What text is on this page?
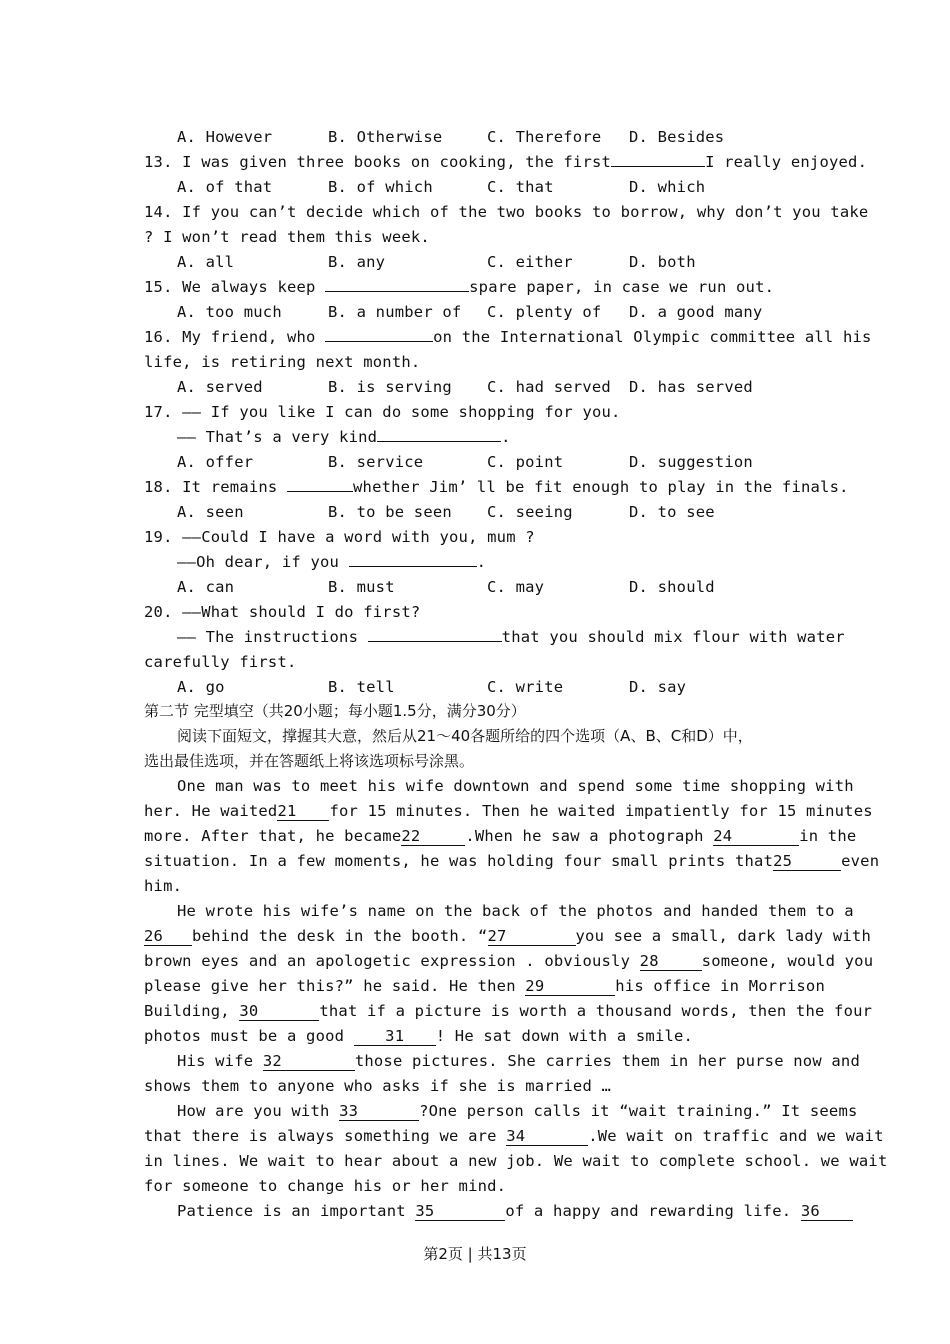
A. However	B. Otherwise	C. Therefore D. Besides
13. I was given three books on cooking, the first	I really enjoyed.
A. of that	B. of which	C. that	D. which
14. If you can’t decide which of the two books to borrow, why don’t you take
? I won’t read them this week.
A. all	B. any	C. either	D. both
15. We always keep	spare paper, in case we run out.
A. too much	B. a number of C. plenty of D. a good many
16. My friend, who	on the International Olympic committee all his
life, is retiring next month.
A. served	B. is serving C. had served D. has served
17. —— If you like I can do some shopping for you.
—— That’s a very kind	.
A. offer	B. service	C. point	D. suggestion
18. It remains	whether Jim’ ll be fit enough to play in the finals.
A. seen	B. to be seen C. seeing	D. to see
19. ——Could I have a word with you, mum ?
——Oh dear, if you	.
A. can	B. must	C. may	D. should
20. ——What should I do first?
—— The instructions	that you should mix flour with water
carefully first.
A. go	B. tell	C. write	D. say
第二节 完型填空（共20小题；每小题1.5分，满分30分）
阅读下面短文，撑握其大意，然后从21～40各题所给的四个选项（A、B、C和D）中，
选出最佳选项，并在答题纸上将该选项标号涂黑。
One man was to meet his wife downtown and spend some time shopping with
her. He waited21 for 15 minutes. Then he waited impatiently for 15 minutes
more. After that, he became22	.When he saw a photograph 24	in the
situation. In a few moments, he was holding four small prints that25	even
him.
He wrote his wife’s name on the back of the photos and handed them to a
26 behind the desk in the booth. “27	you see a small, dark lady with
brown eyes and an apologetic expression . obviously 28	someone, would you
please give her this?” he said. He then 29	his office in Morrison
Building, 30	that if a picture is worth a thousand words, then the four
photos must be a good	31 ! He sat down with a smile.
His wife 32	those pictures. She carries them in her purse now and
shows them to anyone who asks if she is married …
How are you with 33	?One person calls it “wait training.” It seems
that there is always something we are 34	.We wait on traffic and we wait
in lines. We wait to hear about a new job. We wait to complete school. we wait
for someone to change his or her mind.
Patience is an important 35	of a happy and rewarding life. 36
第2页 | 共13页
